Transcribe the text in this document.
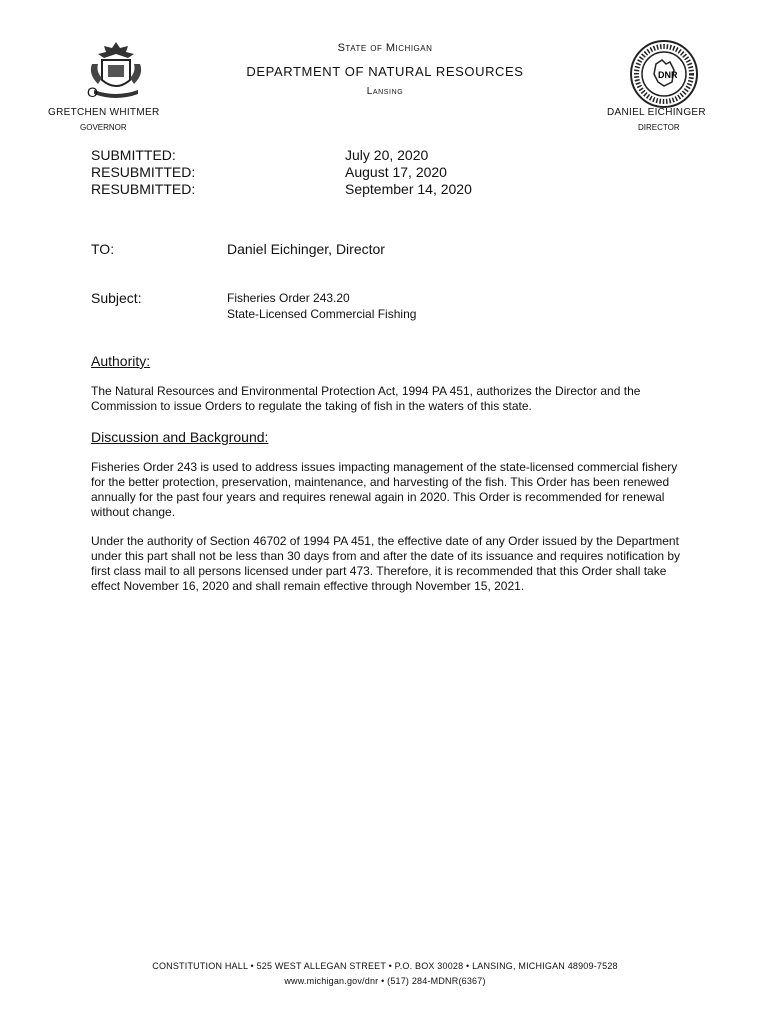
O
State of Michigan
DEPARTMENT OF NATURAL RESOURCES
Lansing
DNR
GRETCHEN WHITMER
GOVERNOR
DANIEL EICHINGER
DIRECTOR
SUBMITTED:	July 20, 2020
RESUBMITTED:	August 17, 2020
RESUBMITTED:	September 14, 2020
TO:	Daniel Eichinger, Director
Subject:	Fisheries Order 243.20
State-Licensed Commercial Fishing
Authority:
The Natural Resources and Environmental Protection Act, 1994 PA 451, authorizes the Director and the Commission to issue Orders to regulate the taking of fish in the waters of this state.
Discussion and Background:
Fisheries Order 243 is used to address issues impacting management of the state-licensed commercial fishery for the better protection, preservation, maintenance, and harvesting of the fish. This Order has been renewed annually for the past four years and requires renewal again in 2020. This Order is recommended for renewal without change.
Under the authority of Section 46702 of 1994 PA 451, the effective date of any Order issued by the Department under this part shall not be less than 30 days from and after the date of its issuance and requires notification by first class mail to all persons licensed under part 473. Therefore, it is recommended that this Order shall take effect November 16, 2020 and shall remain effective through November 15, 2021.
CONSTITUTION HALL • 525 WEST ALLEGAN STREET • P.O. BOX 30028 • LANSING, MICHIGAN 48909-7528
www.michigan.gov/dnr • (517) 284-MDNR(6367)
